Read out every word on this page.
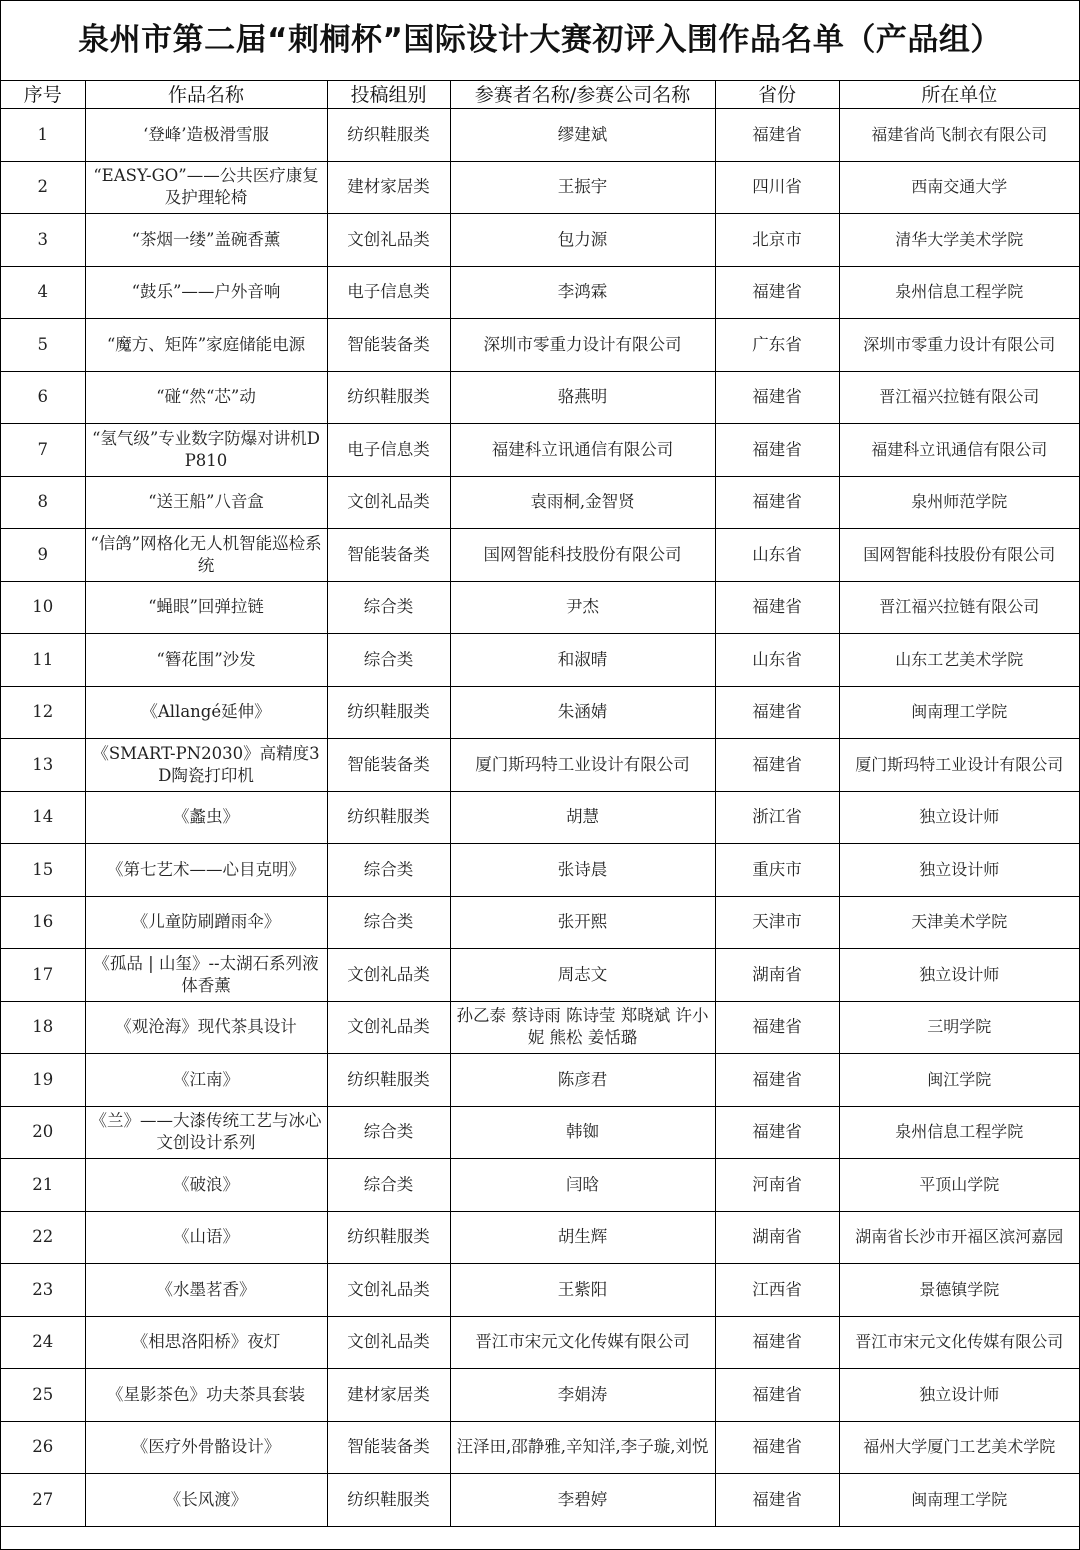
泉州市第二届“刺桐杯”国际设计大赛初评入围作品名单（产品组）
序号	作品名称	投稿组别	参赛者名称/参赛公司名称	省份	所在单位
1	‘登峰’造极滑雪服	纺织鞋服类	缪建斌	福建省	福建省尚飞制衣有限公司
2	“EASY-GO”——公共医疗康复及护理轮椅	建材家居类	王振宇	四川省	西南交通大学
3	“茶烟一缕”盖碗香薰	文创礼品类	包力源	北京市	清华大学美术学院
4	“鼓乐”——户外音响	电子信息类	李鸿霖	福建省	泉州信息工程学院
5	“魔方、矩阵”家庭储能电源	智能装备类	深圳市零重力设计有限公司	广东省	深圳市零重力设计有限公司
6	“碰“然“芯”动	纺织鞋服类	骆燕明	福建省	晋江福兴拉链有限公司
7	“氢气级”专业数字防爆对讲机DP810	电子信息类	福建科立讯通信有限公司	福建省	福建科立讯通信有限公司
8	“送王船”八音盒	文创礼品类	袁雨桐,金智贤	福建省	泉州师范学院
9	“信鸽”网格化无人机智能巡检系统	智能装备类	国网智能科技股份有限公司	山东省	国网智能科技股份有限公司
10	“蝇眼”回弹拉链	综合类	尹杰	福建省	晋江福兴拉链有限公司
11	“簪花围”沙发	综合类	和淑晴	山东省	山东工艺美术学院
12	《Allangé延伸》	纺织鞋服类	朱涵婧	福建省	闽南理工学院
13	《SMART-PN2030》高精度3D陶瓷打印机	智能装备类	厦门斯玛特工业设计有限公司	福建省	厦门斯玛特工业设计有限公司
14	《蠡虫》	纺织鞋服类	胡慧	浙江省	独立设计师
15	《第七艺术——心目克明》	综合类	张诗晨	重庆市	独立设计师
16	《儿童防刷蹭雨伞》	综合类	张开熙	天津市	天津美术学院
17	《孤品 | 山玺》--太湖石系列液体香薰	文创礼品类	周志文	湖南省	独立设计师
18	《观沧海》现代茶具设计	文创礼品类	孙乙泰 蔡诗雨 陈诗莹 郑晓斌 许小妮 熊松 姜恬璐	福建省	三明学院
19	《江南》	纺织鞋服类	陈彦君	福建省	闽江学院
20	《兰》——大漆传统工艺与冰心文创设计系列	综合类	韩铷	福建省	泉州信息工程学院
21	《破浪》	综合类	闫晗	河南省	平顶山学院
22	《山语》	纺织鞋服类	胡生辉	湖南省	湖南省长沙市开福区滨河嘉园
23	《水墨茗香》	文创礼品类	王紫阳	江西省	景德镇学院
24	《相思洛阳桥》夜灯	文创礼品类	晋江市宋元文化传媒有限公司	福建省	晋江市宋元文化传媒有限公司
25	《星影茶色》功夫茶具套装	建材家居类	李娟涛	福建省	独立设计师
26	《医疗外骨骼设计》	智能装备类	汪泽田,邵静雅,辛知洋,李子璇,刘悦	福建省	福州大学厦门工艺美术学院
27	《长风渡》	纺织鞋服类	李碧婷	福建省	闽南理工学院
